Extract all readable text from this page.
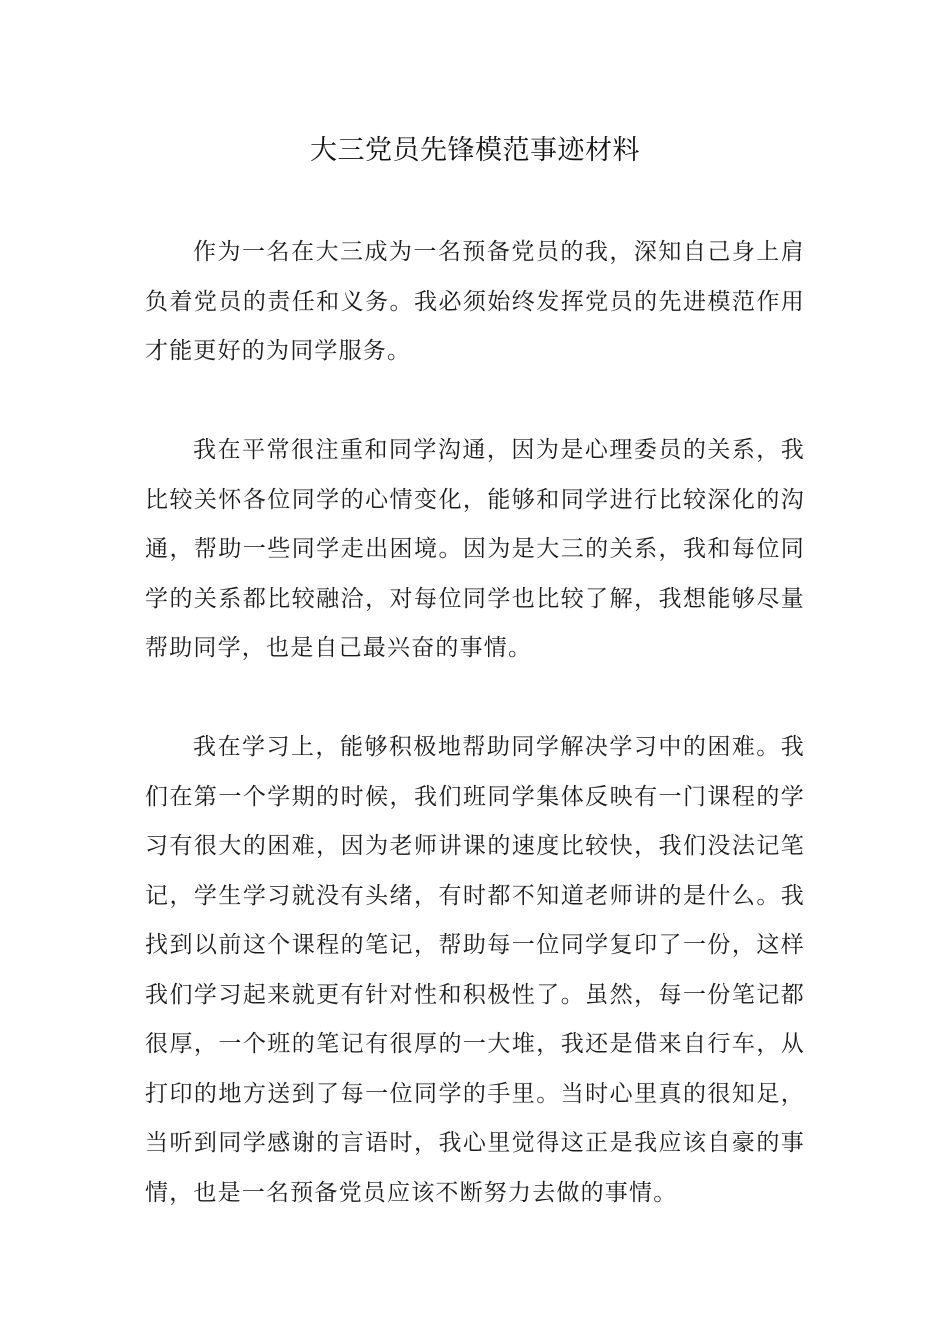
大三党员先锋模范事迹材料

作为一名在大三成为一名预备党员的我，深知自己身上肩负着党员的责任和义务。我必须始终发挥党员的先进模范作用才能更好的为同学服务。

我在平常很注重和同学沟通，因为是心理委员的关系，我比较关怀各位同学的心情变化，能够和同学进行比较深化的沟通，帮助一些同学走出困境。因为是大三的关系，我和每位同学的关系都比较融洽，对每位同学也比较了解，我想能够尽量帮助同学，也是自己最兴奋的事情。

我在学习上，能够积极地帮助同学解决学习中的困难。我们在第一个学期的时候，我们班同学集体反映有一门课程的学习有很大的困难，因为老师讲课的速度比较快，我们没法记笔记，学生学习就没有头绪，有时都不知道老师讲的是什么。我找到以前这个课程的笔记，帮助每一位同学复印了一份，这样我们学习起来就更有针对性和积极性了。虽然，每一份笔记都很厚，一个班的笔记有很厚的一大堆，我还是借来自行车，从打印的地方送到了每一位同学的手里。当时心里真的很知足，当听到同学感谢的言语时，我心里觉得这正是我应该自豪的事情，也是一名预备党员应该不断努力去做的事情。
